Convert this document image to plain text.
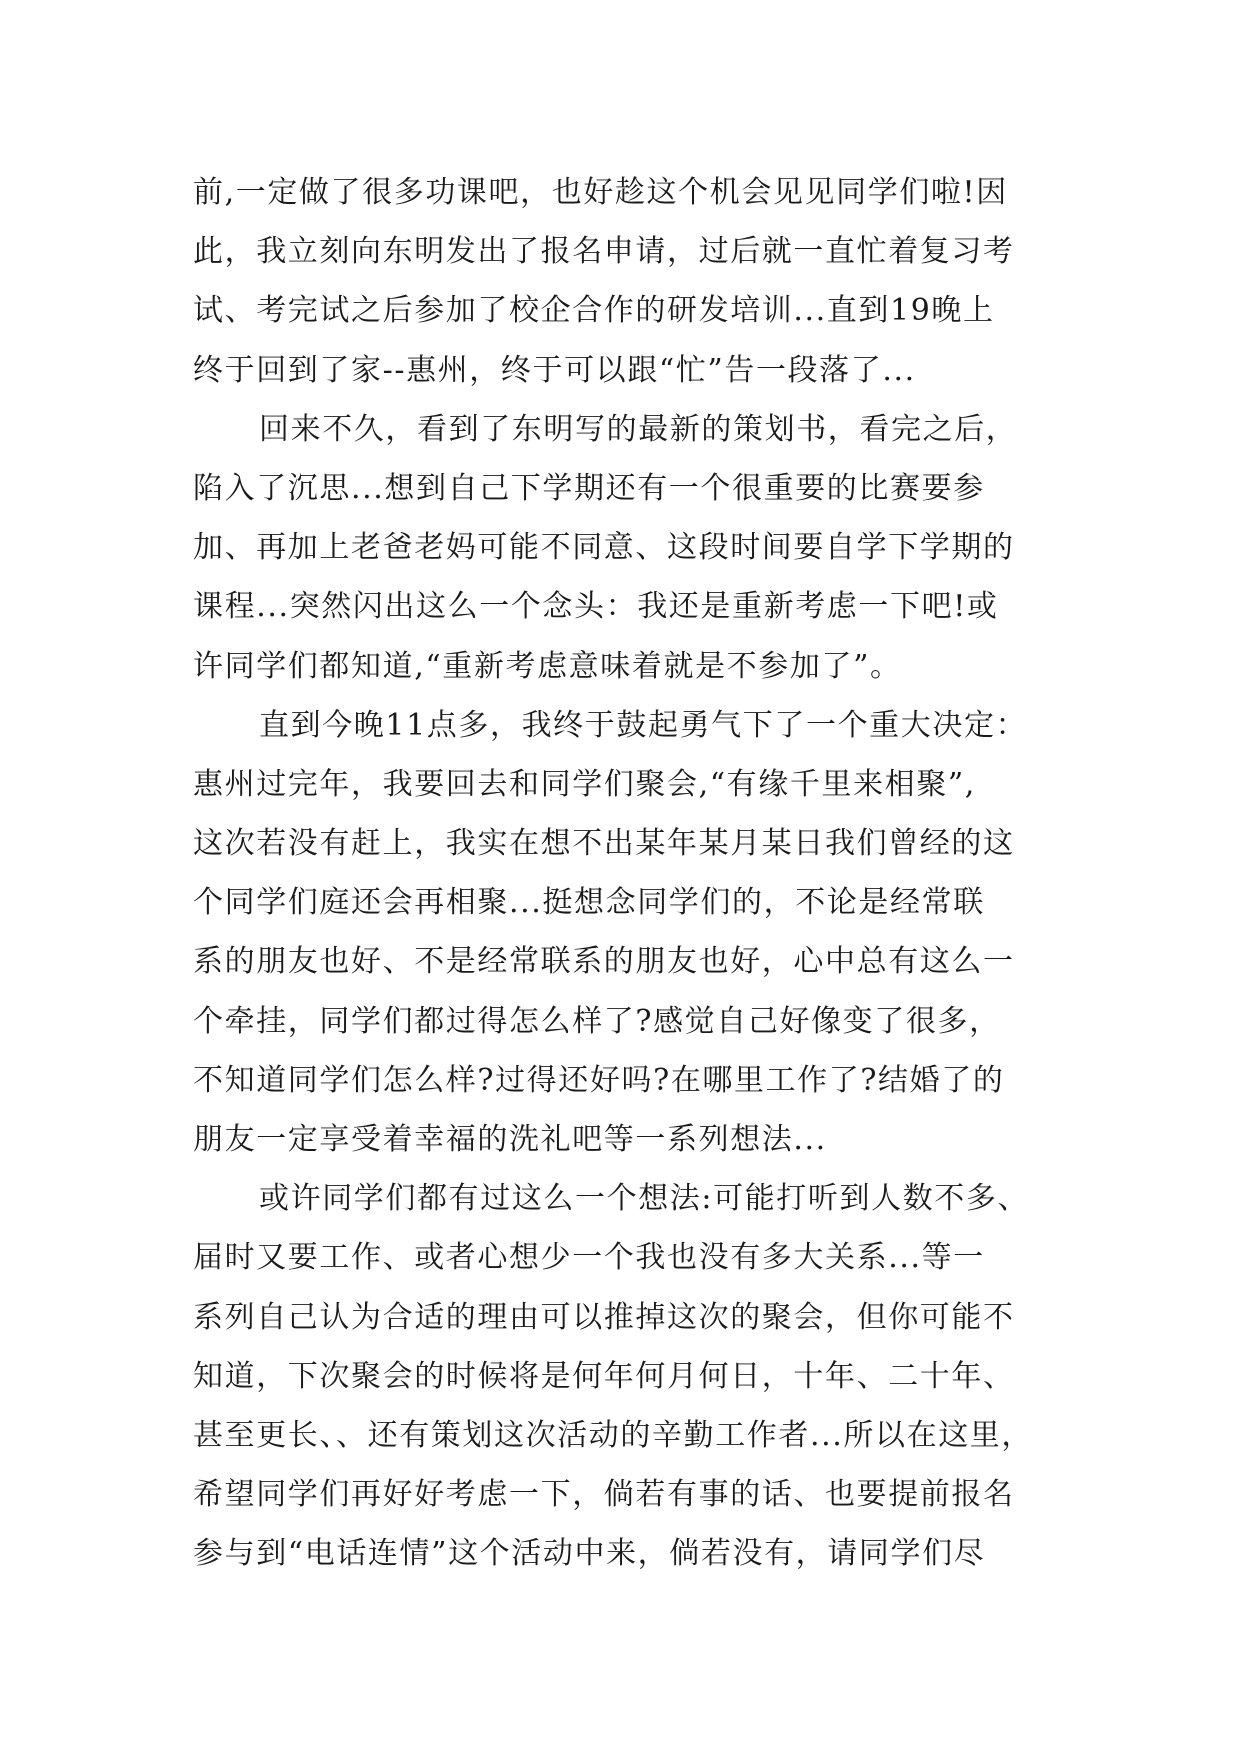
前,一定做了很多功课吧，也好趁这个机会见见同学们啦!因
此，我立刻向东明发出了报名申请，过后就一直忙着复习考
试、考完试之后参加了校企合作的研发培训...直到19晚上
终于回到了家--惠州，终于可以跟“忙”告一段落了...
回来不久，看到了东明写的最新的策划书，看完之后，
陷入了沉思...想到自己下学期还有一个很重要的比赛要参
加、再加上老爸老妈可能不同意、这段时间要自学下学期的
课程...突然闪出这么一个念头：我还是重新考虑一下吧!或
许同学们都知道,“重新考虑意味着就是不参加了”。
直到今晚11点多，我终于鼓起勇气下了一个重大决定：
惠州过完年，我要回去和同学们聚会,“有缘千里来相聚”,
这次若没有赶上，我实在想不出某年某月某日我们曾经的这
个同学们庭还会再相聚...挺想念同学们的，不论是经常联
系的朋友也好、不是经常联系的朋友也好，心中总有这么一
个牵挂，同学们都过得怎么样了?感觉自己好像变了很多，
不知道同学们怎么样?过得还好吗?在哪里工作了?结婚了的
朋友一定享受着幸福的洗礼吧等一系列想法...
或许同学们都有过这么一个想法:可能打听到人数不多、
届时又要工作、或者心想少一个我也没有多大关系...等一
系列自己认为合适的理由可以推掉这次的聚会，但你可能不
知道，下次聚会的时候将是何年何月何日，十年、二十年、
甚至更长、、还有策划这次活动的辛勤工作者...所以在这里，
希望同学们再好好考虑一下，倘若有事的话、也要提前报名
参与到“电话连情”这个活动中来，倘若没有，请同学们尽
